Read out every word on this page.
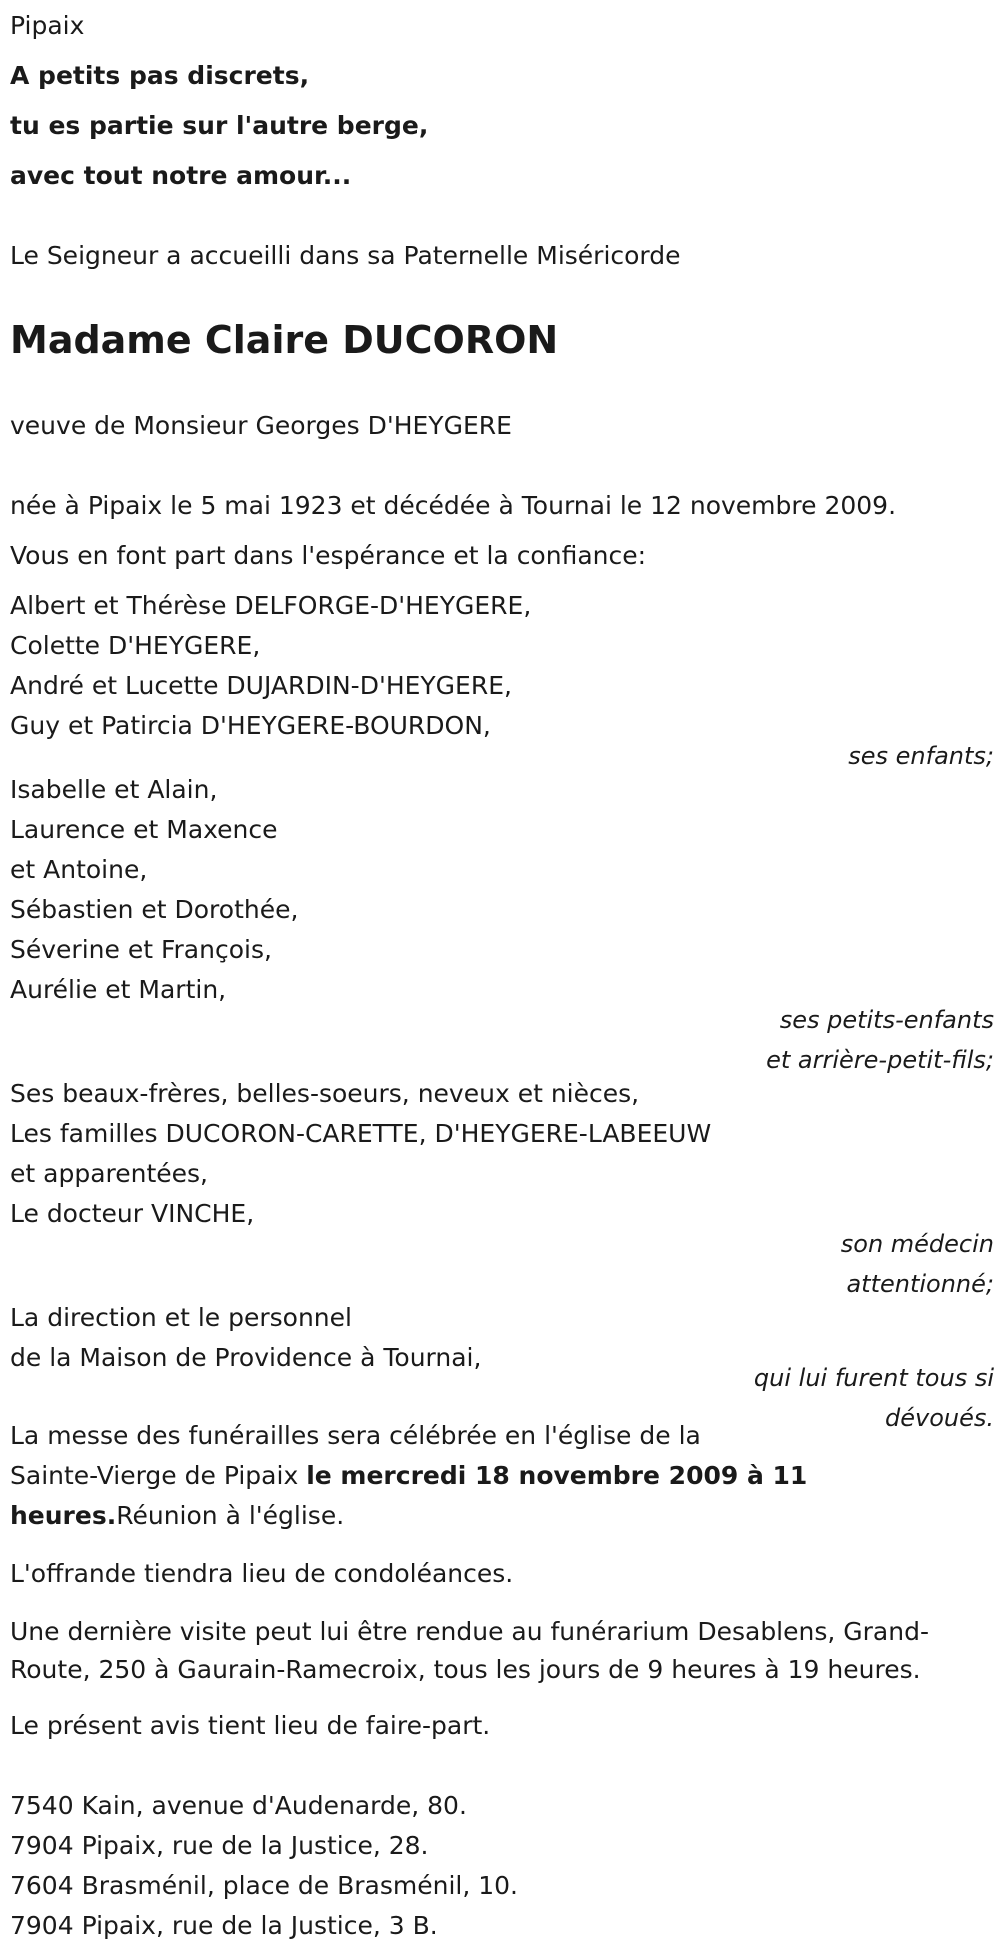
Pipaix
A petits pas discrets,
tu es partie sur l'autre berge,
avec tout notre amour...
Le Seigneur a accueilli dans sa Paternelle Miséricorde
Madame Claire DUCORON
veuve de Monsieur Georges D'HEYGERE
née à Pipaix le 5 mai 1923 et décédée à Tournai le 12 novembre 2009.
Vous en font part dans l'espérance et la confiance:
Albert et Thérèse DELFORGE-D'HEYGERE,
Colette D'HEYGERE,
André et Lucette DUJARDIN-D'HEYGERE,
Guy et Patircia D'HEYGERE-BOURDON,
ses enfants;
Isabelle et Alain,
Laurence et Maxence
et Antoine,
Sébastien et Dorothée,
Séverine et François,
Aurélie et Martin,
ses petits-enfants
et arrière-petit-fils;
Ses beaux-frères, belles-soeurs, neveux et nièces,
Les familles DUCORON-CARETTE, D'HEYGERE-LABEEUW
et apparentées,
Le docteur VINCHE,
son médecin
attentionné;
La direction et le personnel
de la Maison de Providence à Tournai,
qui lui furent tous si
dévoués.
La messe des funérailles sera célébrée en l'église de la
Sainte-Vierge de Pipaix le mercredi 18 novembre 2009 à 11
heures.Réunion à l'église.
L'offrande tiendra lieu de condoléances.
Une dernière visite peut lui être rendue au funérarium Desablens, Grand-
Route, 250 à Gaurain-Ramecroix, tous les jours de 9 heures à 19 heures.
Le présent avis tient lieu de faire-part.
7540 Kain, avenue d'Audenarde, 80.
7904 Pipaix, rue de la Justice, 28.
7604 Brasménil, place de Brasménil, 10.
7904 Pipaix, rue de la Justice, 3 B.
